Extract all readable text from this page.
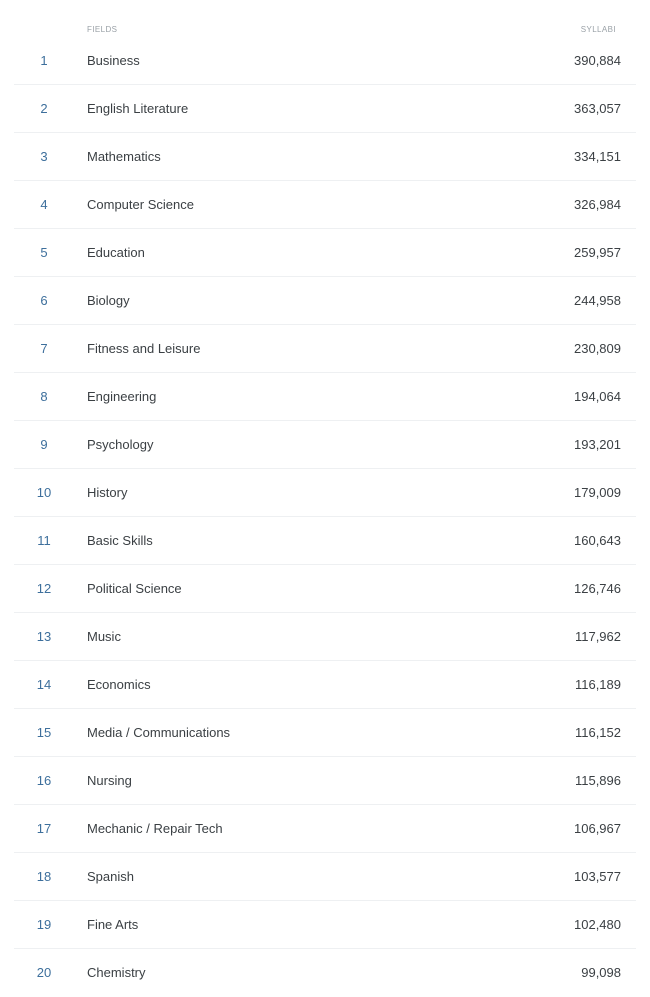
FIELDS	SYLLABI
1	Business	390,884
2	English Literature	363,057
3	Mathematics	334,151
4	Computer Science	326,984
5	Education	259,957
6	Biology	244,958
7	Fitness and Leisure	230,809
8	Engineering	194,064
9	Psychology	193,201
10	History	179,009
11	Basic Skills	160,643
12	Political Science	126,746
13	Music	117,962
14	Economics	116,189
15	Media / Communications	116,152
16	Nursing	115,896
17	Mechanic / Repair Tech	106,967
18	Spanish	103,577
19	Fine Arts	102,480
20	Chemistry	99,098
